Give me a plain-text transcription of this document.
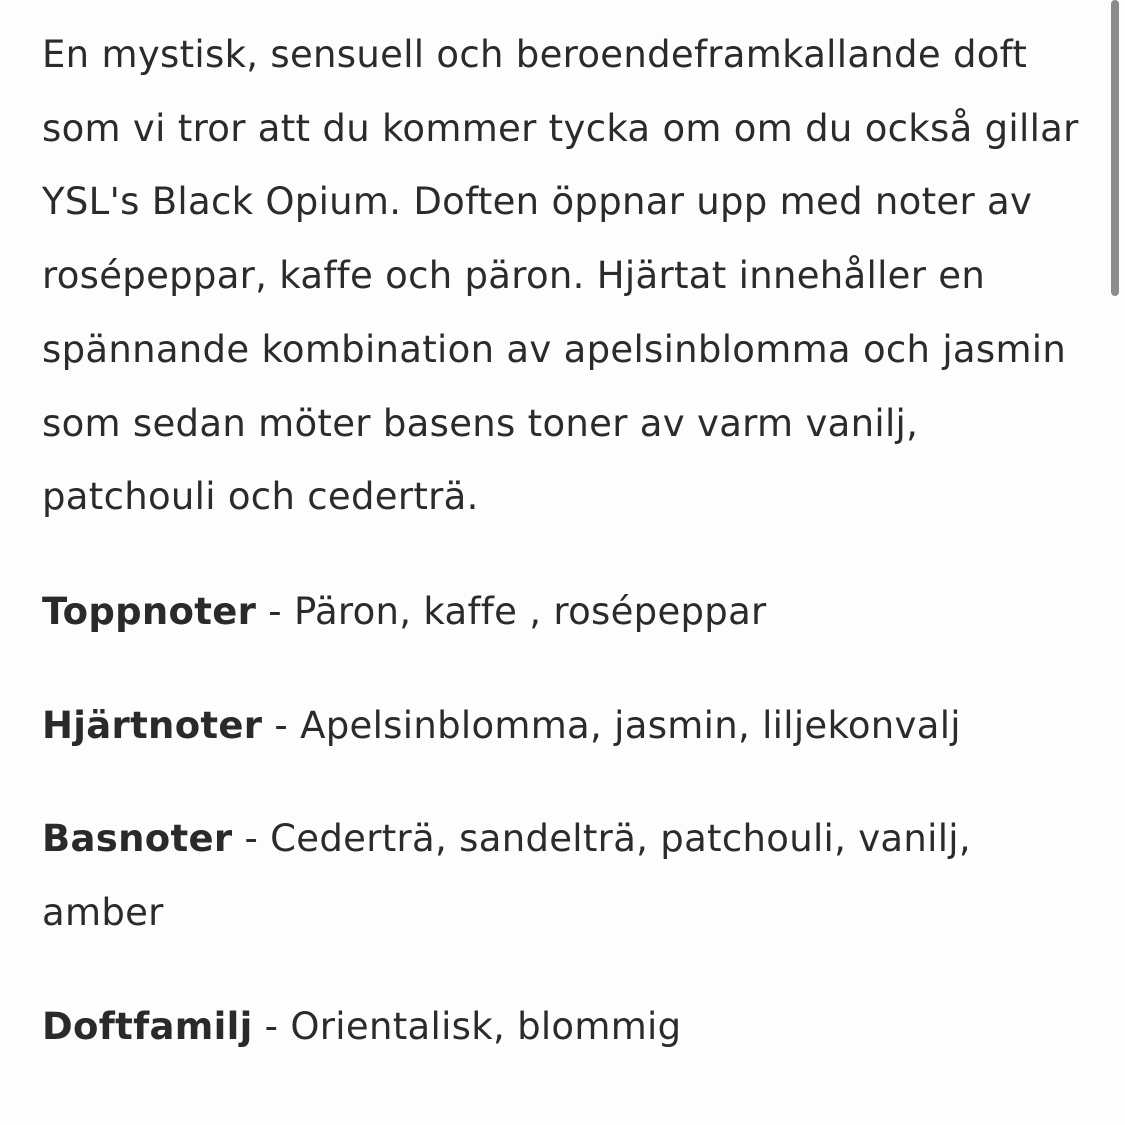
En mystisk, sensuell och beroendeframkallande doft som vi tror att du kommer tycka om om du också gillar YSL's Black Opium. Doften öppnar upp med noter av rosépeppar, kaffe och päron. Hjärtat innehåller en spännande kombination av apelsinblomma och jasmin som sedan möter basens toner av varm vanilj, patchouli och cederträ.

Toppnoter - Päron, kaffe , rosépeppar
Hjärtnoter - Apelsinblomma, jasmin, liljekonvalj
Basnoter - Cederträ, sandelträ, patchouli, vanilj, amber
Doftfamilj - Orientalisk, blommig
